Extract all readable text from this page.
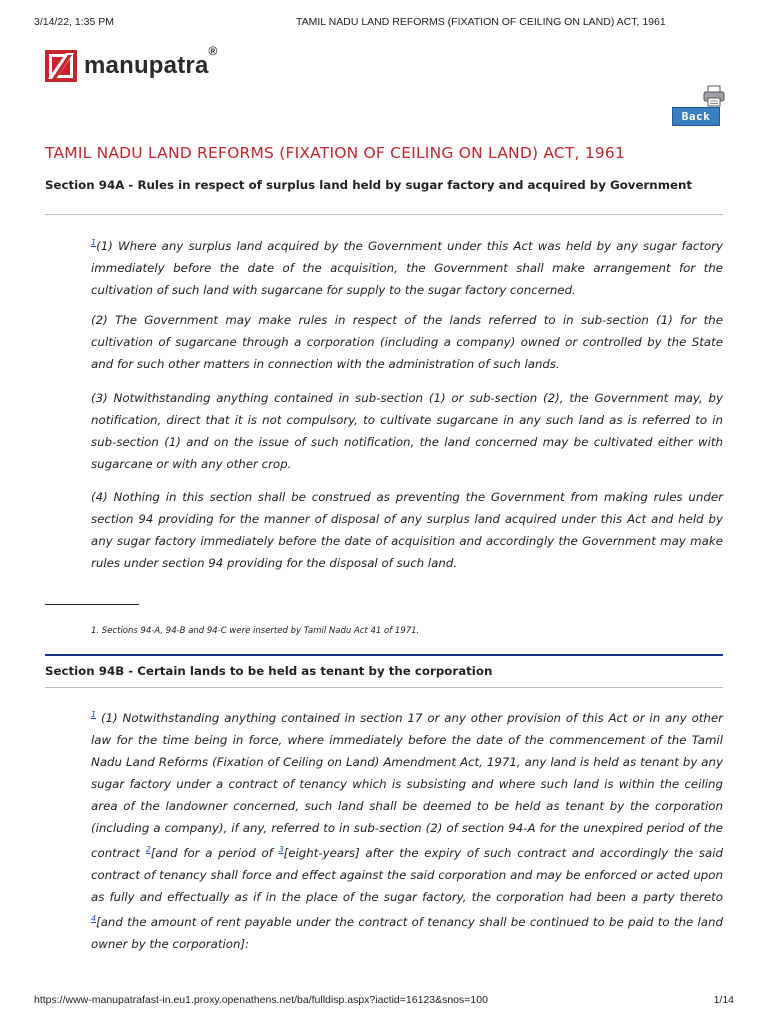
3/14/22, 1:35 PM	TAMIL NADU LAND REFORMS (FIXATION OF CEILING ON LAND) ACT, 1961
manupatra®
Back
TAMIL NADU LAND REFORMS (FIXATION OF CEILING ON LAND) ACT, 1961
Section 94A - Rules in respect of surplus land held by sugar factory and acquired by Government

$^1$(1) Where any surplus land acquired by the Government under this Act was held by any sugar factory immediately before the date of the acquisition, the Government shall make arrangement for the cultivation of such land with sugarcane for supply to the sugar factory concerned.

(2) The Government may make rules in respect of the lands referred to in sub-section (1) for the cultivation of sugarcane through a corporation (including a company) owned or controlled by the State and for such other matters in connection with the administration of such lands.

(3) Notwithstanding anything contained in sub-section (1) or sub-section (2), the Government may, by notification, direct that it is not compulsory, to cultivate sugarcane in any such land as is referred to in sub-section (1) and on the issue of such notification, the land concerned may be cultivated either with sugarcane or with any other crop.

(4) Nothing in this section shall be construed as preventing the Government from making rules under section 94 providing for the manner of disposal of any surplus land acquired under this Act and held by any sugar factory immediately before the date of acquisition and accordingly the Government may make rules under section 94 providing for the disposal of such land.

1. Sections 94-A, 94-B and 94-C were inserted by Tamil Nadu Act 41 of 1971.
Section 94B - Certain lands to be held as tenant by the corporation

$^1$ (1) Notwithstanding anything contained in section 17 or any other provision of this Act or in any other law for the time being in force, where immediately before the date of the commencement of the Tamil Nadu Land Reforms (Fixation of Ceiling on Land) Amendment Act, 1971, any land is held as tenant by any sugar factory under a contract of tenancy which is subsisting and where such land is within the ceiling area of the landowner concerned, such land shall be deemed to be held as tenant by the corporation (including a company), if any, referred to in sub-section (2) of section 94-A for the unexpired period of the contract $^2$[and for a period of $^3$[eight-years] after the expiry of such contract and accordingly the said contract of tenancy shall force and effect against the said corporation and may be enforced or acted upon as fully and effectually as if in the place of the sugar factory, the corporation had been a party thereto $^4$[and the amount of rent payable under the contract of tenancy shall be continued to be paid to the land owner by the corporation]:

https://www-manupatrafast-in.eu1.proxy.openathens.net/ba/fulldisp.aspx?iactid=16123&snos=100	1/14
